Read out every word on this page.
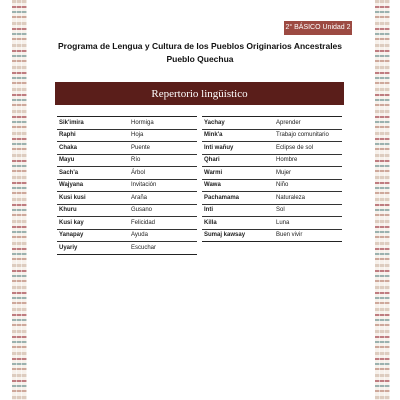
2° BÁSICO Unidad 2
Programa de Lengua y Cultura de los Pueblos Originarios Ancestrales
Pueblo Quechua
Repertorio lingüístico
Sik'imira	Hormiga
Raphi	Hoja
Chaka	Puente
Mayu	Río
Sach'a	Árbol
Wajyana	Invitación
Kusi kusi	Araña
Khuru	Gusano
Kusi kay	Felicidad
Yanapay	Ayuda
Uyariy	Escuchar
Yachay	Aprender
Mink'a	Trabajo comunitario
Inti wañuy	Eclipse de sol
Qhari	Hombre
Warmi	Mujer
Wawa	Niño
Pachamama	Naturaleza
Inti	Sol
Killa	Luna
Sumaj kawsay	Buen vivir
